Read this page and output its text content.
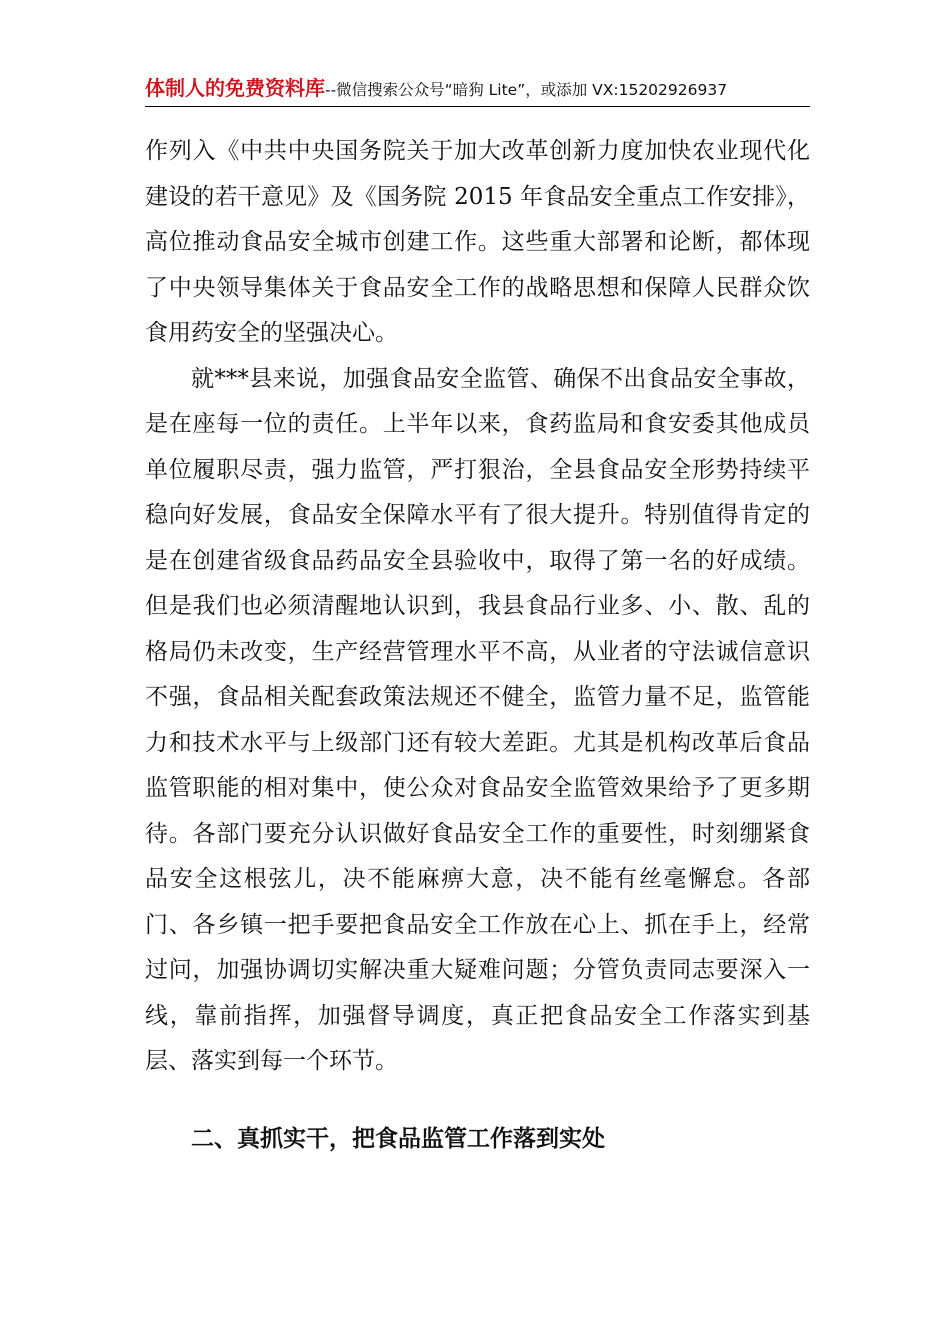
体制人的免费资料库--微信搜索公众号“暗狗 Lite”，或添加 VX:15202926937

作列入《中共中央国务院关于加大改革创新力度加快农业现代化建设的若干意见》及《国务院 2015 年食品安全重点工作安排》，高位推动食品安全城市创建工作。这些重大部署和论断，都体现了中央领导集体关于食品安全工作的战略思想和保障人民群众饮食用药安全的坚强决心。

就***县来说，加强食品安全监管、确保不出食品安全事故，是在座每一位的责任。上半年以来，食药监局和食安委其他成员单位履职尽责，强力监管，严打狠治，全县食品安全形势持续平稳向好发展，食品安全保障水平有了很大提升。特别值得肯定的是在创建省级食品药品安全县验收中，取得了第一名的好成绩。但是我们也必须清醒地认识到，我县食品行业多、小、散、乱的格局仍未改变，生产经营管理水平不高，从业者的守法诚信意识不强，食品相关配套政策法规还不健全，监管力量不足，监管能力和技术水平与上级部门还有较大差距。尤其是机构改革后食品监管职能的相对集中，使公众对食品安全监管效果给予了更多期待。各部门要充分认识做好食品安全工作的重要性，时刻绷紧食品安全这根弦儿，决不能麻痹大意，决不能有丝毫懈怠。各部门、各乡镇一把手要把食品安全工作放在心上、抓在手上，经常过问，加强协调切实解决重大疑难问题；分管负责同志要深入一线，靠前指挥，加强督导调度，真正把食品安全工作落实到基层、落实到每一个环节。

二、真抓实干，把食品监管工作落到实处
